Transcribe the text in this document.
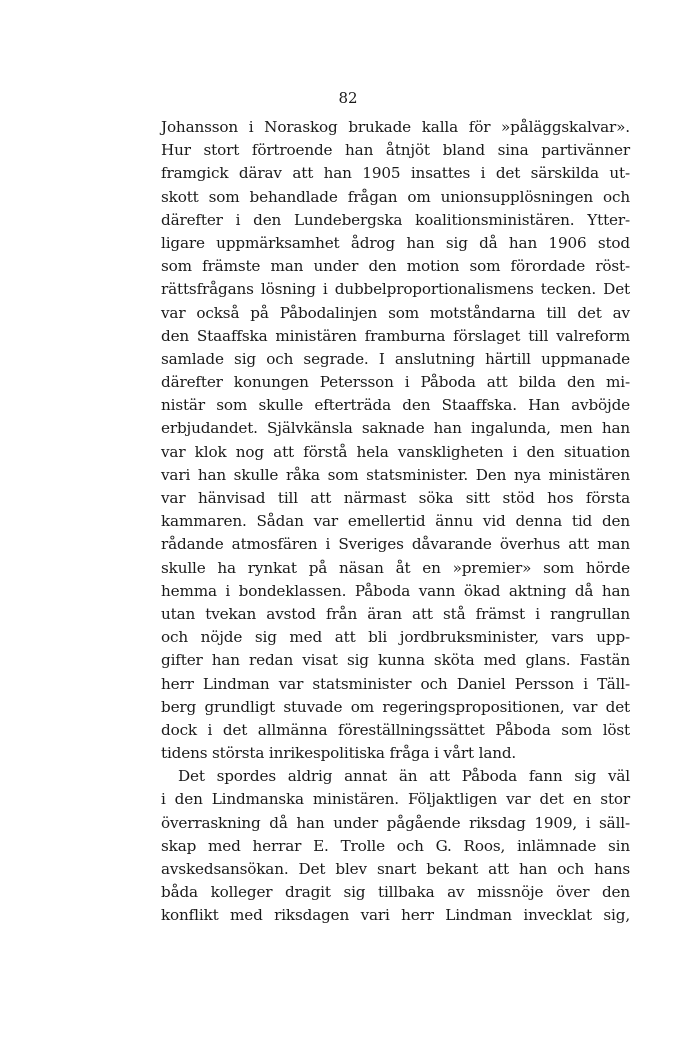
82
Johansson i Noraskog brukade kalla för »påläggskalvar».
Hur stort förtroende han åtnjöt bland sina partivänner
framgick därav att han 1905 insattes i det särskilda ut-
skott som behandlade frågan om unionsupplösningen och
därefter i den Lundebergska koalitionsministären. Ytter-
ligare uppmärksamhet ådrog han sig då han 1906 stod
som främste man under den motion som förordade röst-
rättsfrågans lösning i dubbelproportionalismens tecken. Det
var också på Påbodalinjen som motståndarna till det av
den Staaffska ministären framburna förslaget till valreform
samlade sig och segrade. I anslutning härtill uppmanade
därefter konungen Petersson i Påboda att bilda den mi-
nistär som skulle efterträda den Staaffska. Han avböjde
erbjudandet. Självkänsla saknade han ingalunda, men han
var klok nog att förstå hela vanskligheten i den situation
vari han skulle råka som statsminister. Den nya ministären
var hänvisad till att närmast söka sitt stöd hos första
kammaren. Sådan var emellertid ännu vid denna tid den
rådande atmosfären i Sveriges dåvarande överhus att man
skulle ha rynkat på näsan åt en »premier» som hörde
hemma i bondeklassen. Påboda vann ökad aktning då han
utan tvekan avstod från äran att stå främst i rangrullan
och nöjde sig med att bli jordbruksminister, vars upp-
gifter han redan visat sig kunna sköta med glans. Fastän
herr Lindman var statsminister och Daniel Persson i Täll-
berg grundligt stuvade om regeringspropositionen, var det
dock i det allmänna föreställningssättet Påboda som löst
tidens största inrikespolitiska fråga i vårt land.
Det spordes aldrig annat än att Påboda fann sig väl
i den Lindmanska ministären. Följaktligen var det en stor
överraskning då han under pågående riksdag 1909, i säll-
skap med herrar E. Trolle och G. Roos, inlämnade sin
avskedsansökan. Det blev snart bekant att han och hans
båda kolleger dragit sig tillbaka av missnöje över den
konflikt med riksdagen vari herr Lindman invecklat sig,
